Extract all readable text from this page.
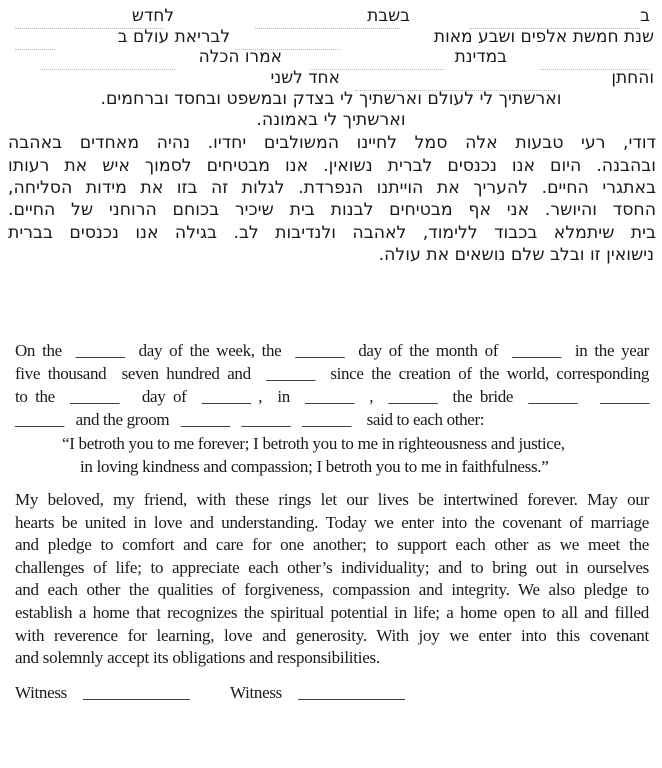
ב
בשבת
לחדש
שנת חמשת אלפים ושבע מאות
לבריאת עולם ב
במדינת
אמרו הכלה
והחתן
אחד לשני
וארשתיך לי לעולם וארשתיך לי בצדק ובמשפט ובחסד וברחמים.
וארשתיך לי באמונה.
דודי, רעי טבעות אלה סמל לחיינו המשולבים יחדיו. נהיה מאחדים באהבה
ובהבנה. היום אנו נכנסים לברית נשואין. אנו מבטיחים לסמוך איש את רעותו
באתגרי החיים. להעריך את הוייתנו הנפרדת. לגלות זה בזו את מידות הסליחה,
החסד והיושר. אני אף מבטיחים לבנות בית שיכיר בכוחם הרוחני של החיים.
בית שיתמלא בכבוד ללימוד, לאהבה ולנדיבות לב. בגילה אנו נכנסים בברית
נישואין זו ובלב שלם נושאים את עולה.
On the  ______  day of the week, the  ______  day of the month of  ______  in the year
five thousand  seven hundred and  ______  since the creation of the world, corresponding
to the  ______   day of  ______ ,  in  ______  ,  ______  the bride  ______   ______
______   and the groom   ______   ______   ______    said to each other:
“I betroth you to me forever; I betroth you to me in righteousness and justice,
in loving kindness and compassion; I betroth you to me in faithfulness.”
My beloved, my friend, with these rings let our lives be intertwined forever. May our
hearts be united in love and understanding. Today we enter into the covenant of marriage
and pledge to comfort and care for one another; to support each other as we meet the
challenges of life; to appreciate each other’s individuality; and to bring out in ourselves
and each other the qualities of forgiveness, compassion and integrity. We also pledge to
establish a home that recognizes the spiritual potential in life; a home open to all and filled
with reverence for learning, love and generosity. With joy we enter into this covenant
and solemnly accept its obligations and responsibilities.
Witness _____________ Witness _____________
